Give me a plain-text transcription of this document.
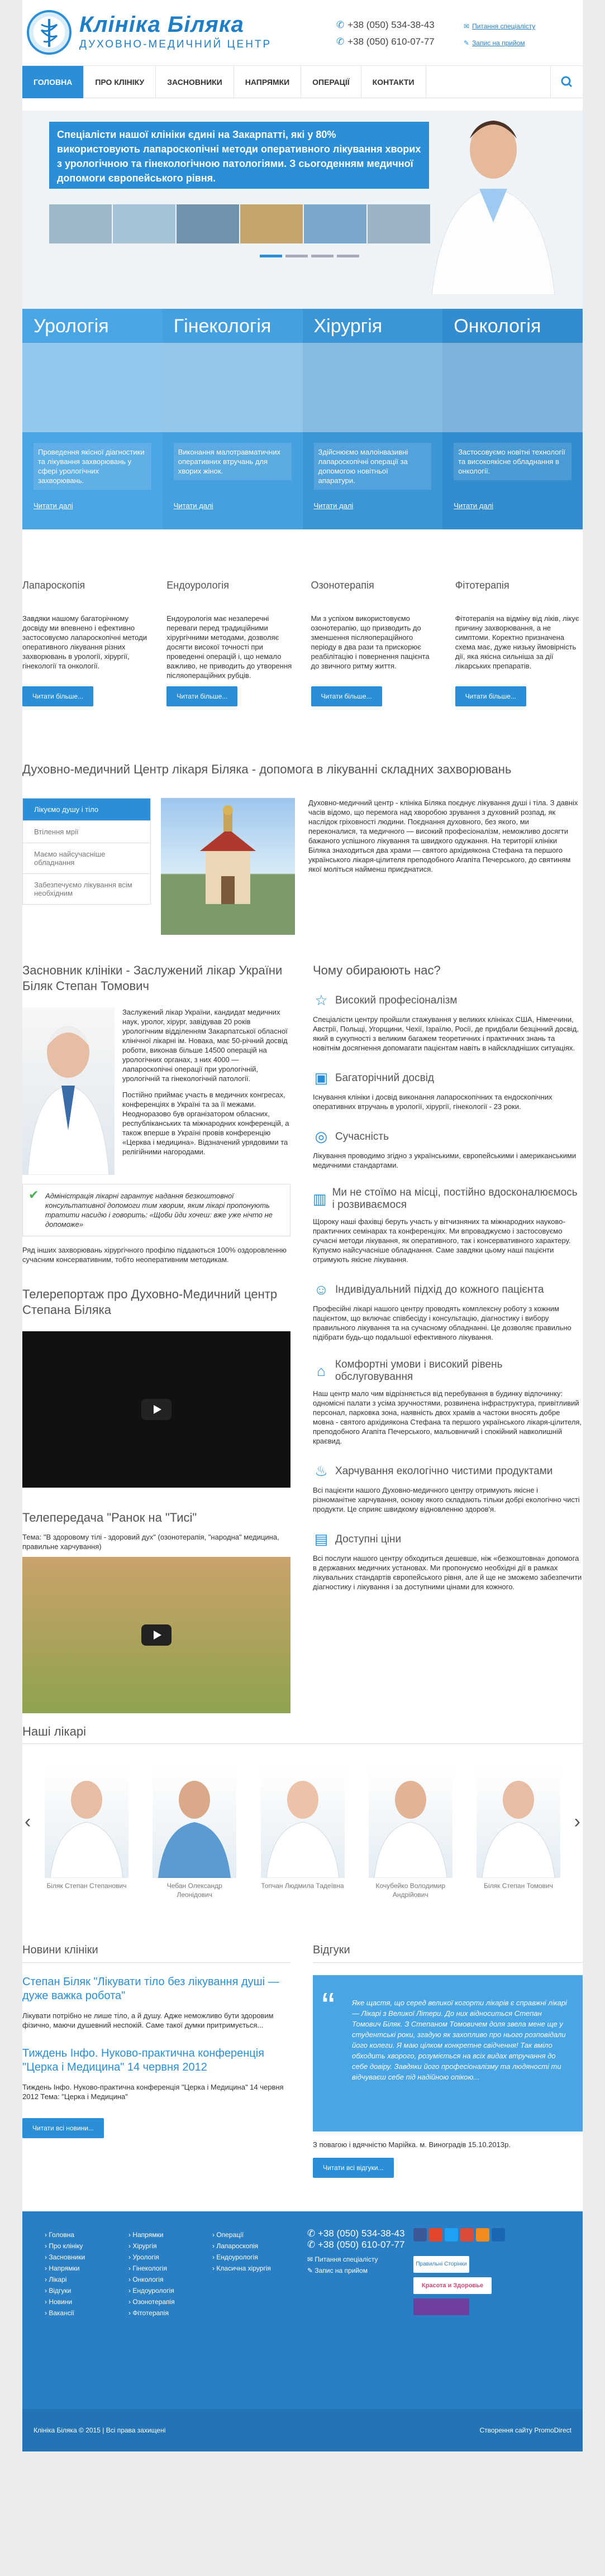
Клініка Біляка
ДУХОВНО-МЕДИЧНИЙ ЦЕНТР
✆ +38 (050) 534-38-43
✆ +38 (050) 610-07-77
✉ Питання спеціалісту
✎ Запис на прийом
ГОЛОВНА	ПРО КЛІНІКУ	ЗАСНОВНИКИ	НАПРЯМКИ	ОПЕРАЦІЇ	КОНТАКТИ
Спеціалісти нашої клініки єдині на Закарпатті, які у 80% використовують лапароскопічні методи оперативного лікування хворих з урологічною та гінекологічною патологіями. З сьогоденням медичної допомоги європейського рівня.
Урологія
Проведення якісної діагностики та лікування захворювань у сфері урологічних захворювань.
Читати далі
Гінекологія
Виконання малотравматичних оперативних втручань для хворих жінок.
Читати далі
Хірургія
Здійснюємо малоінвазивні лапароскопічні операції за допомогою новітньої апаратури.
Читати далі
Онкологія
Застосовуємо новітні технології та високоякісне обладнання в онкології.
Читати далі
Лапароскопія

Завдяки нашому багаторічному досвіду ми впевнено і ефективно застосовуємо лапароскопічні методи оперативного лікування різних захворювань в урології, хірургії, гінекології та онкології.

Читати більше...
Ендоурологія

Ендоурологія має незаперечні переваги перед традиційними хірургічними методами, дозволяє досягти високої точності при проведенні операцій і, що немало важливо, не приводить до утворення післяопераційних рубців.

Читати більше...
Озонотерапія

Ми з успіхом використовуємо озонотерапію, що призводить до зменшення післяопераційного періоду в два рази та прискорює реабілітацію і повернення пацієнта до звичного ритму життя.

Читати більше...
Фітотерапія

Фітотерапія на відміну від ліків, лікує причину захворювання, а не симптоми. Коректно призначена схема має, дуже низьку ймовірність дії, яка якісна сильніша за дії лікарських препаратів.

Читати більше...
Духовно-медичний Центр лікаря Біляка - допомога в лікуванні складних захворювань
Лікуємо душу і тіло
Втілення мрії
Маємо найсучасніше обладнання
Забезпечуємо лікування всім необхідним
Духовно-медичний центр - клініка Біляка поєднує лікування душі і тіла. З давніх часів відомо, що перемога над хворобою зрування з духовний розпад, як наслідок гріховності людини. Поєднання духовного, без якого, ми переконалися, та медичного — високий професіоналізм, неможливо досягти бажаного успішного лікування та швидкого одужання. На території клініки Біляка знаходиться два храми — святого архідиякона Стефана та першого українського лікаря-цілителя преподобного Агапіта Печерського, до святиням якої моліться найменш приєднатися.
Засновник клініки - Заслужений лікар України Біляк Степан Томович

Заслужений лікар України, кандидат медичних наук, уролог, хірург, завідував 20 років урологічним відділенням Закарпатської обласної клінічної лікарні ім. Новака, має 50-річний досвід роботи, виконав більше 14500 операцій на урологічних органах, з них 4000 — лапароскопічні операції при урологічній, урологічній та гінекологічній патології.

Постійно приймає участь в медичних конгресах, конференціях в Україні та за її межами. Неодноразово був організатором обласних, республіканських та міжнародних конференцій, а також вперше в Україні провів конференцію «Церква і медицина». Відзначений урядовими та релігійними нагородами.

✔ Адміністрація лікарні гарантує надання безкоштовної консультативної допомоги тим хворим, яким лікарі пропонують тратити насидю і говорить: «Щоби йди хочеш: вже уже нічто не допоможе»

Ряд інших захворювань хірургічного профілю піддаються 100% оздоровленню сучасним консервативним, тобто неоперативним методикам.

Телерепортаж про Духовно-Медичний центр Степана Біляка
Телепередача "Ранок на "Тисі"

Тема: "В здоровому тілі - здоровий дух" (озонотерапія, "народна" медицина, правильне харчування)

Чому обираюють нас?
☆ Високий професіоналізм

Спеціалісти центру пройшли стажування у великих клініках США, Німеччини, Австрії, Польщі, Угорщини, Чехії, Ізраїлю, Росії, де придбали безцінний досвід, який в сукупності з великим багажем теоретичних і практичних знань та новітнім досягнення допомагати пацієнтам навіть в найскладніших ситуаціях.

▣ Багаторічний досвід

Існування клініки і досвід виконання лапароскопічних та ендоскопічних оперативних втручань в урології, хірургії, гінекології - 23 роки.

◎ Сучасність

Лікування проводимо згідно з українськими, європейськими і американськими медичними стандартами.

▥ Ми не стоїмо на місці, постійно вдосконалюємось і розвиваємося

Щороку наші фахівці беруть участь у вітчизняних та міжнародних науково-практичних семінарах та конференціях. Ми впроваджуємо і застосовуємо сучасні методи лікування, як оперативного, так і консервативного характеру. Купуємо найсучасніше обладнання. Саме завдяки цьому наші пацієнти отримують якісне лікування.

☺ Індивідуальний підхід до кожного пацієнта

Професійні лікарі нашого центру проводять комплексну роботу з кожним пацієнтом, що включає співбесіду і консультацію, діагностику і вибору правильного лікування та на сучасному обладнанні. Це дозволяє правильно підібрати будь-що подальшої ефективного лікування.

⌂ Комфортні умови і високий рівень обслуговування

Наш центр мало чим відрізняється від перебування в будинку відпочинку: одномісні палати з усіма зручностями, розвинена інфраструктура, привітливий персонал, парковка зона, наявність двох храмів а частоки вносять добре мовна - святого архідиякона Стефана та першого українського лікаря-цілителя, преподобного Агапіта Печерського, мальовничий і спокійний навколишній краєвид.

♨ Харчування екологічно чистими продуктами

Всі пацієнти нашого Духовно-медичного центру отримують якісне і різноманітне харчування, основу якого складають тільки добрі екологічно чисті продукти. Це сприяє швидкому відновленню здоров'я.

▤ Доступні ціни

Всі послуги нашого центру обходиться дешевше, ніж «безкоштовна» допомога в державних медичних установах. Ми пропонуємо необхідні дії в рамках лікувальних стандартів європейського рівня, але й ще не зможемо забезпечити діагностику і лікування і за доступними цінами для кожного.

Наші лікарі
‹
Біляк Степан Степанович	Чебан Олександр Леонідович
Топчан Людмила Тадеївна	Кочубейко Володимир Андрійович
Біляк Степан Томович
›
Новини клініки
Степан Біляк "Лікувати тіло без лікування душі — дуже важка робота"

Лікувати потрібно не лише тіло, а й душу. Адже неможливо бути здоровим фізично, маючи душевний неспокій. Саме такої думки притримується...

Тиждень Інфо. Нуково-практична конференція "Церка і Медицина" 14 червня 2012

Тиждень Інфо. Нуково-практична конференція "Церка і Медицина" 14 червня 2012 Тема: "Церка і Медицина"

Читати всі новини...
Відгуки
“ Яке щастя, що серед великої когорти лікарів є справжні лікарі — Лікарі з Великої Літери. До них відноситься Степан Томович Біляк. З Степаном Томовичем доля звела мене ще у студентські роки, згадую як захопливо про нього розповідали його колеги. Я маю цілком конкретне свідчення! Так вміло обходить хворого, розуміється на всіх видах втручання до себе довіру. Завдяки його професіоналізму та людяності ти відчуваєш себе під надійною опікою...

З повагою і вдячністю Марійка. м. Виноградів 15.10.2013р.

Читати всі відгуки...
› Головна
› Про клініку
› Засновники
› Напрямки
› Лікарі
› Відгуки
› Новини
› Вакансії
› Напрямки
› Хірургія
› Урологія
› Гінекологія
› Онкологія
› Ендоурологія
› Озонотерапія
› Фітотерапія
› Операції
› Лапароскопія
› Ендоурологія
› Класична хірургія
✆ +38 (050) 534-38-43
✆ +38 (050) 610-07-77
✉ Питання спеціалісту
✎ Запис на прийом
Правильні Сторінки
Красота и Здоровье
Клініка Біляка © 2015 | Всі права захищені	Створення сайту PromoDirect
